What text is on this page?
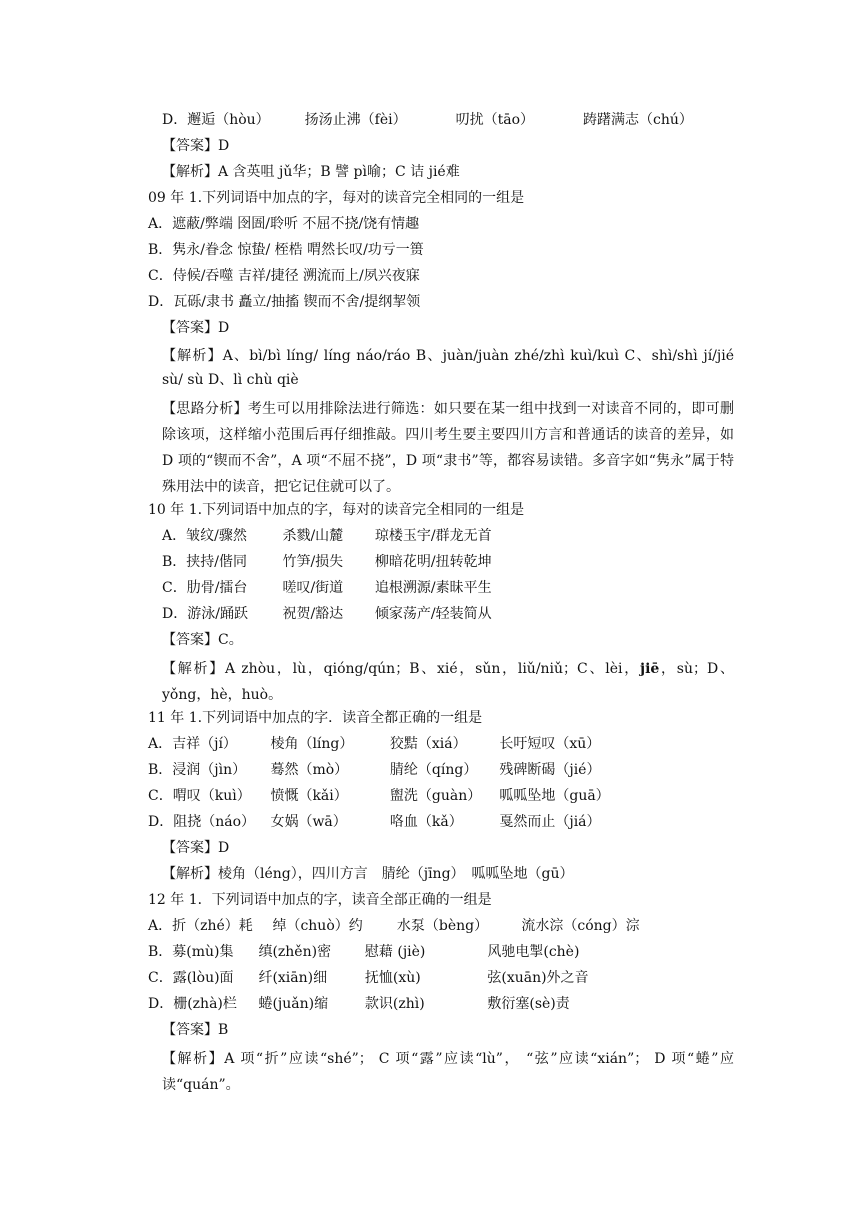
D．邂逅（hòu）　　　扬汤止沸（fèi）　　　　叨扰（tāo）　　　　踌躇满志（chú）

【答案】D

【解析】A 含英咀 jǔ华；B 譬 pì喻；C 诘 jié难

09 年 1.下列词语中加点的字，每对的读音完全相同的一组是

A．遮蔽/弊端 囹圄/聆听 不屈不挠/饶有情趣

B．隽永/眷念 惊蛰/ 桎梏 喟然长叹/功亏一篑

C．侍候/吞噬 吉祥/捷径 溯流而上/夙兴夜寐

D．瓦砾/隶书 矗立/抽搐 锲而不舍/提纲挈领

【答案】D

【解析】A、bì/bì líng/ líng náo/ráo B、juàn/juàn zhé/zhì kuì/kuì C、shì/shì jí/jié sù/ sù D、lì chù qiè

【思路分析】考生可以用排除法进行筛选：如只要在某一组中找到一对读音不同的，即可删除该项，这样缩小范围后再仔细推敲。四川考生要主要四川方言和普通话的读音的差异，如 D 项的“锲而不舍”，A 项“不屈不挠”，D 项“隶书”等，都容易读错。多音字如“隽永”属于特殊用法中的读音，把它记住就可以了。

10 年 1.下列词语中加点的字，每对的读音完全相同的一组是

A．皱纹/骤然	杀戮/山麓 琼楼玉宇/群龙无首
B．挟持/偕同	竹笋/损失 柳暗花明/扭转乾坤
C．肋骨/擂台	嗟叹/街道 追根溯源/素昧平生
D．游泳/踊跃 祝贺/豁达 倾家荡产/轻装简从

【答案】C。

【解析】A zhòu，lù，qióng/qún；B、xié，sǔn，liǔ/niǔ；C、lèi，jiē，sù；D、yǒng，hè，huò。

11 年 1.下列词语中加点的字．读音全都正确的一组是

A．吉祥（jí） 棱角（líng）	狡黠（xiá） 长吁短叹（xū）
B．浸润（jìn） 蓦然（mò）	腈纶（qíng） 残碑断碣（jié）
C．喟叹（kuì） 愤慨（kǎi）	盥洗（guàn） 呱呱坠地（guā）
D．阻挠（náo） 女娲（wā）	咯血（kǎ）	戛然而止（jiá）

【答案】D

【解析】棱角（léng），四川方言　腈纶（jīng）　呱呱坠地（gū）

12 年 1．下列词语中加点的字，读音全部正确的一组是

A．折（zhé）耗 绰（chuò）约 水泵（bèng） 流水淙（cóng）淙
B．募(mù)集 缜(zhěn)密 慰藉 (jiè)	风驰电掣(chè)
C．露(lòu)面 纤(xiān)细	抚恤(xù)	弦(xuān)外之音
D．栅(zhà)栏 蜷(juǎn)缩	款识(zhì)	敷衍塞(sè)责

【答案】B

【解析】A 项“折”应读“shé”； C 项“露”应读“lù”， “弦”应读“xián”； D 项“蜷”应读“quán”。
